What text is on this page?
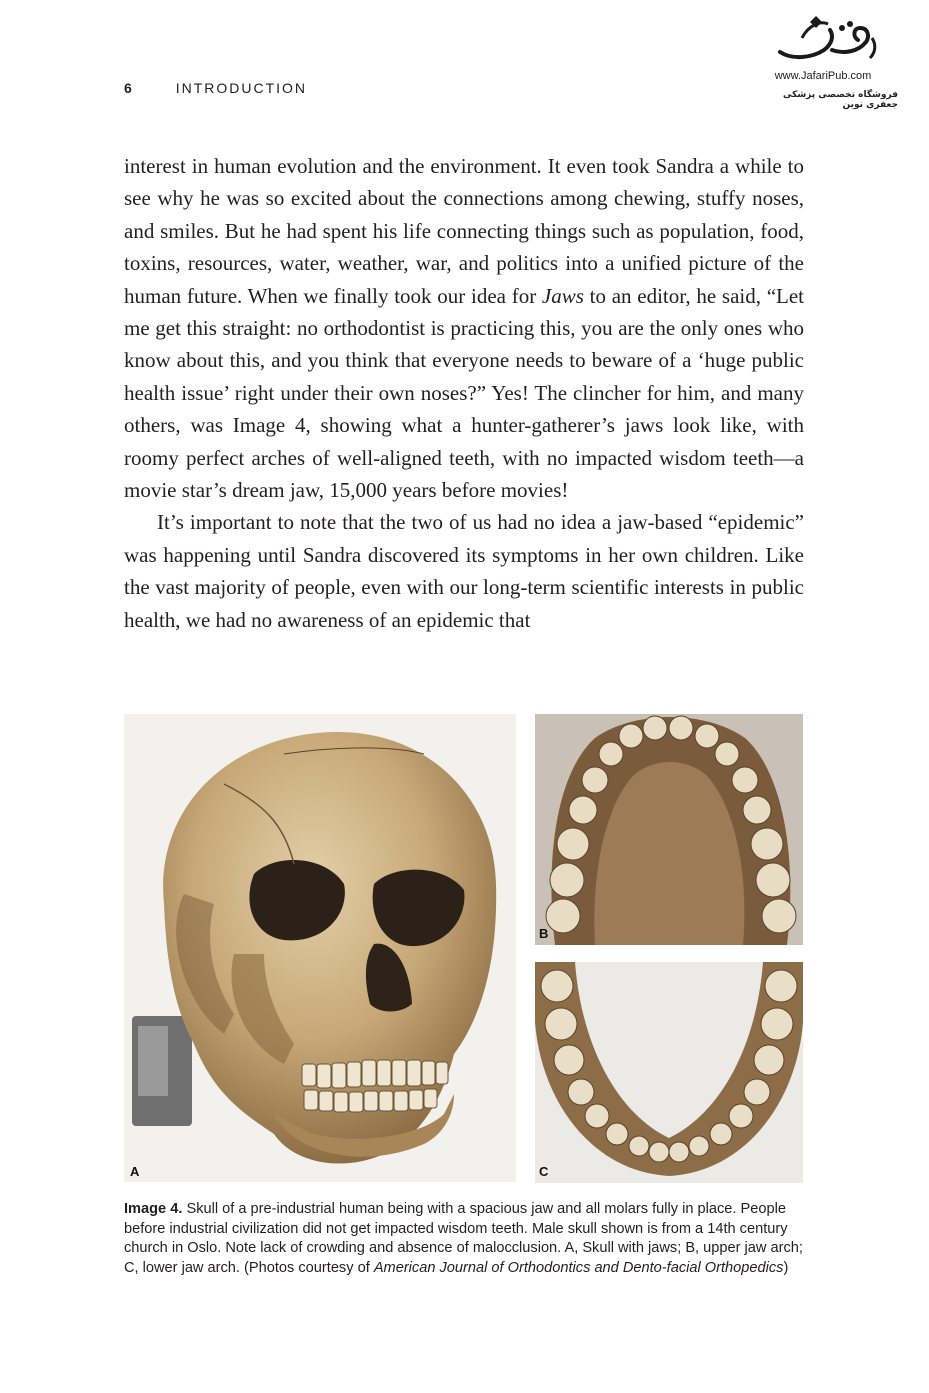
6	INTRODUCTION
www.JafariPub.com
فروشگاه تخصصی پزشکی جعفری نوین

interest in human evolution and the environment. It even took Sandra a while to see why he was so excited about the connections among chewing, stuffy noses, and smiles. But he had spent his life connecting things such as population, food, toxins, resources, water, weather, war, and politics into a unified picture of the human future. When we finally took our idea for Jaws to an editor, he said, “Let me get this straight: no orthodontist is practicing this, you are the only ones who know about this, and you think that everyone needs to beware of a ‘huge public health issue’ right under their own noses?” Yes! The clincher for him, and many others, was Image 4, showing what a hunter-gatherer’s jaws look like, with roomy perfect arches of well-aligned teeth, with no impacted wisdom teeth—a movie star’s dream jaw, 15,000 years before movies!

It’s important to note that the two of us had no idea a jaw-based “epidemic” was happening until Sandra discovered its symptoms in her own children. Like the vast majority of people, even with our long-term scientific interests in public health, we had no awareness of an epidemic that

A
B
C
Image 4. Skull of a pre-industrial human being with a spacious jaw and all molars fully in place. People before industrial civilization did not get impacted wisdom teeth. Male skull shown is from a 14th century church in Oslo. Note lack of crowding and absence of malocclusion. A, Skull with jaws; B, upper jaw arch; C, lower jaw arch. (Photos courtesy of American Journal of Orthodontics and Dento-facial Orthopedics)
